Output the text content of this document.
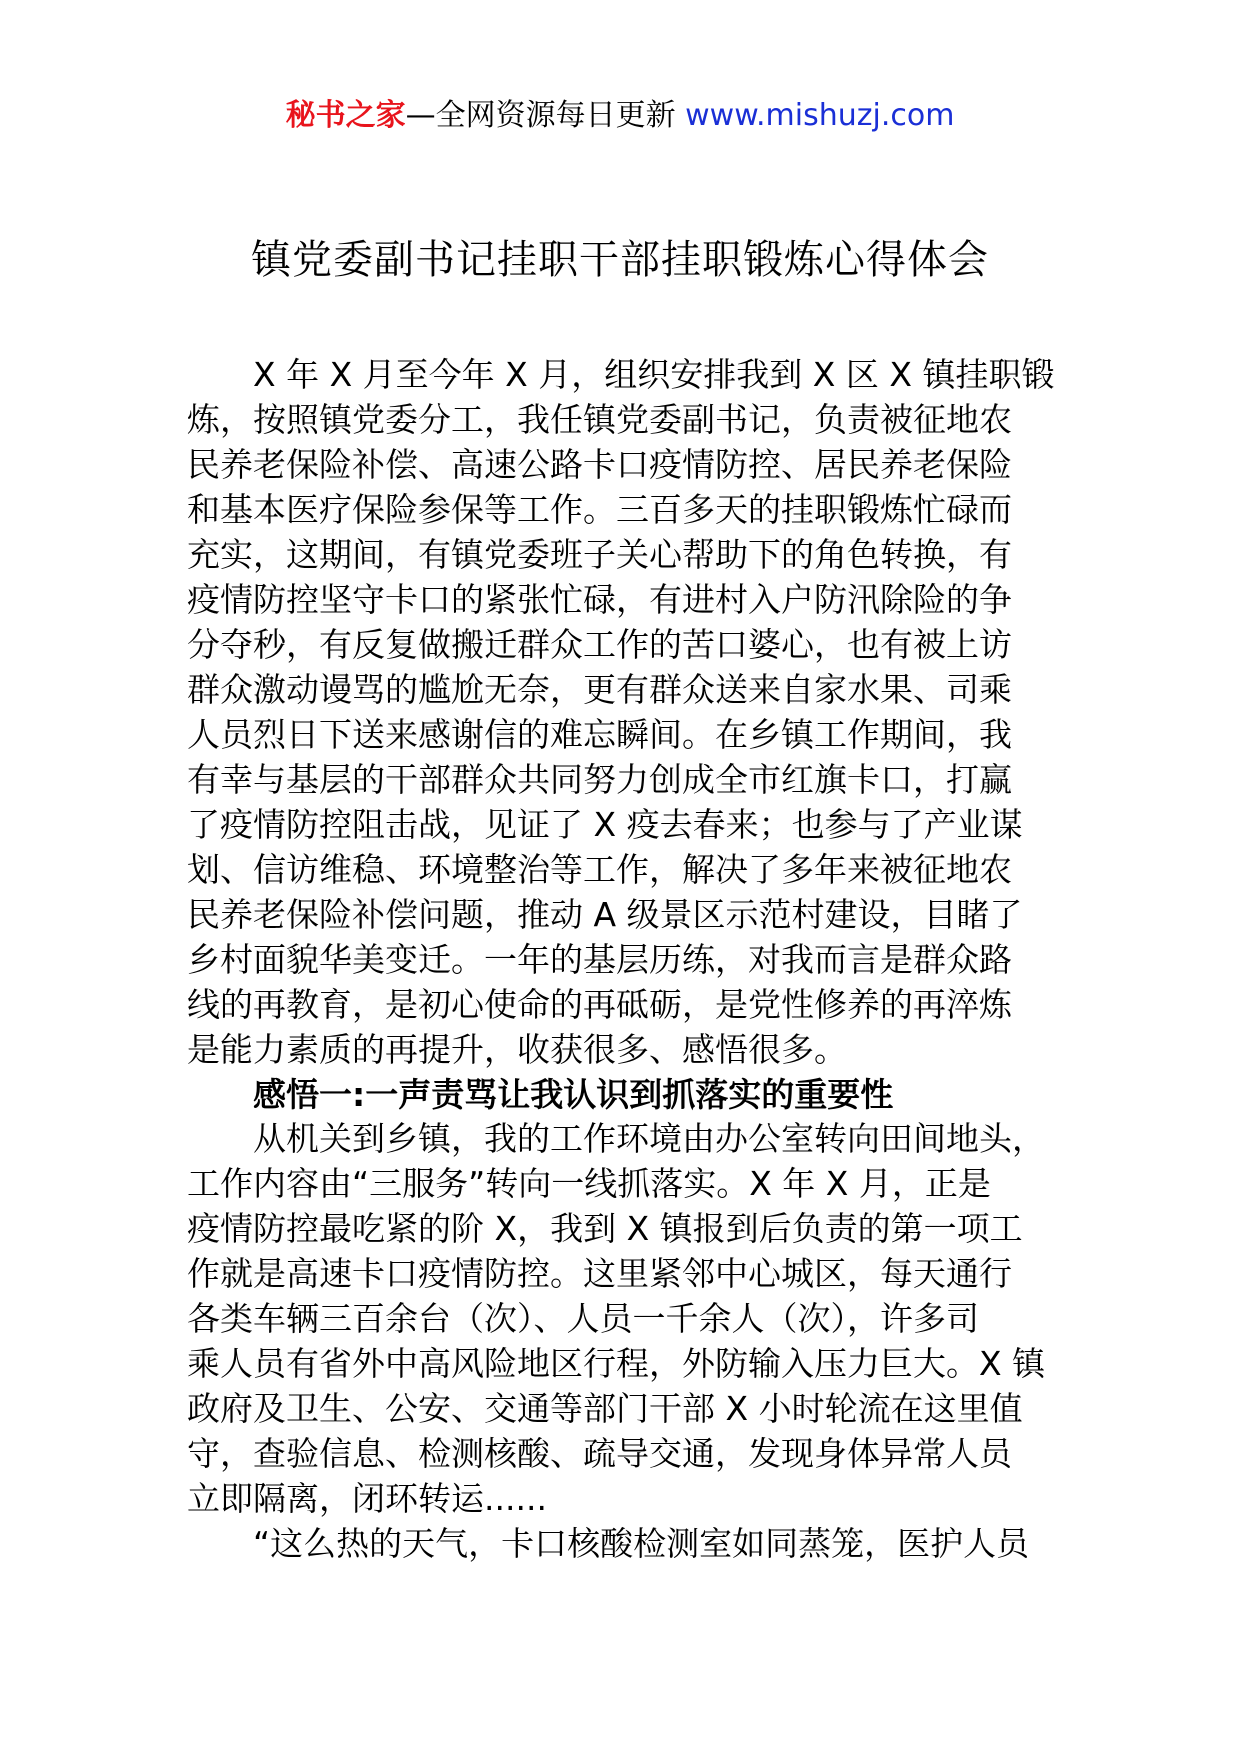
秘书之家—全网资源每日更新 www.mishuzj.com
镇党委副书记挂职干部挂职锻炼心得体会
X 年 X 月至今年 X 月，组织安排我到 X 区 X 镇挂职锻
炼，按照镇党委分工，我任镇党委副书记，负责被征地农
民养老保险补偿、高速公路卡口疫情防控、居民养老保险
和基本医疗保险参保等工作。三百多天的挂职锻炼忙碌而
充实，这期间，有镇党委班子关心帮助下的角色转换，有
疫情防控坚守卡口的紧张忙碌，有进村入户防汛除险的争
分夺秒，有反复做搬迁群众工作的苦口婆心，也有被上访
群众激动谩骂的尴尬无奈，更有群众送来自家水果、司乘
人员烈日下送来感谢信的难忘瞬间。在乡镇工作期间，我
有幸与基层的干部群众共同努力创成全市红旗卡口，打赢
了疫情防控阻击战，见证了 X 疫去春来；也参与了产业谋
划、信访维稳、环境整治等工作，解决了多年来被征地农
民养老保险补偿问题，推动 A 级景区示范村建设，目睹了
乡村面貌华美变迁。一年的基层历练，对我而言是群众路
线的再教育，是初心使命的再砥砺，是党性修养的再淬炼
是能力素质的再提升，收获很多、感悟很多。
感悟一:一声责骂让我认识到抓落实的重要性
从机关到乡镇，我的工作环境由办公室转向田间地头，
工作内容由“三服务”转向一线抓落实。X 年 X 月，正是
疫情防控最吃紧的阶 X，我到 X 镇报到后负责的第一项工
作就是高速卡口疫情防控。这里紧邻中心城区，每天通行
各类车辆三百余台（次）、人员一千余人（次），许多司
乘人员有省外中高风险地区行程，外防输入压力巨大。X 镇
政府及卫生、公安、交通等部门干部 X 小时轮流在这里值
守，查验信息、检测核酸、疏导交通，发现身体异常人员
立即隔离，闭环转运......
“这么热的天气，卡口核酸检测室如同蒸笼，医护人员
